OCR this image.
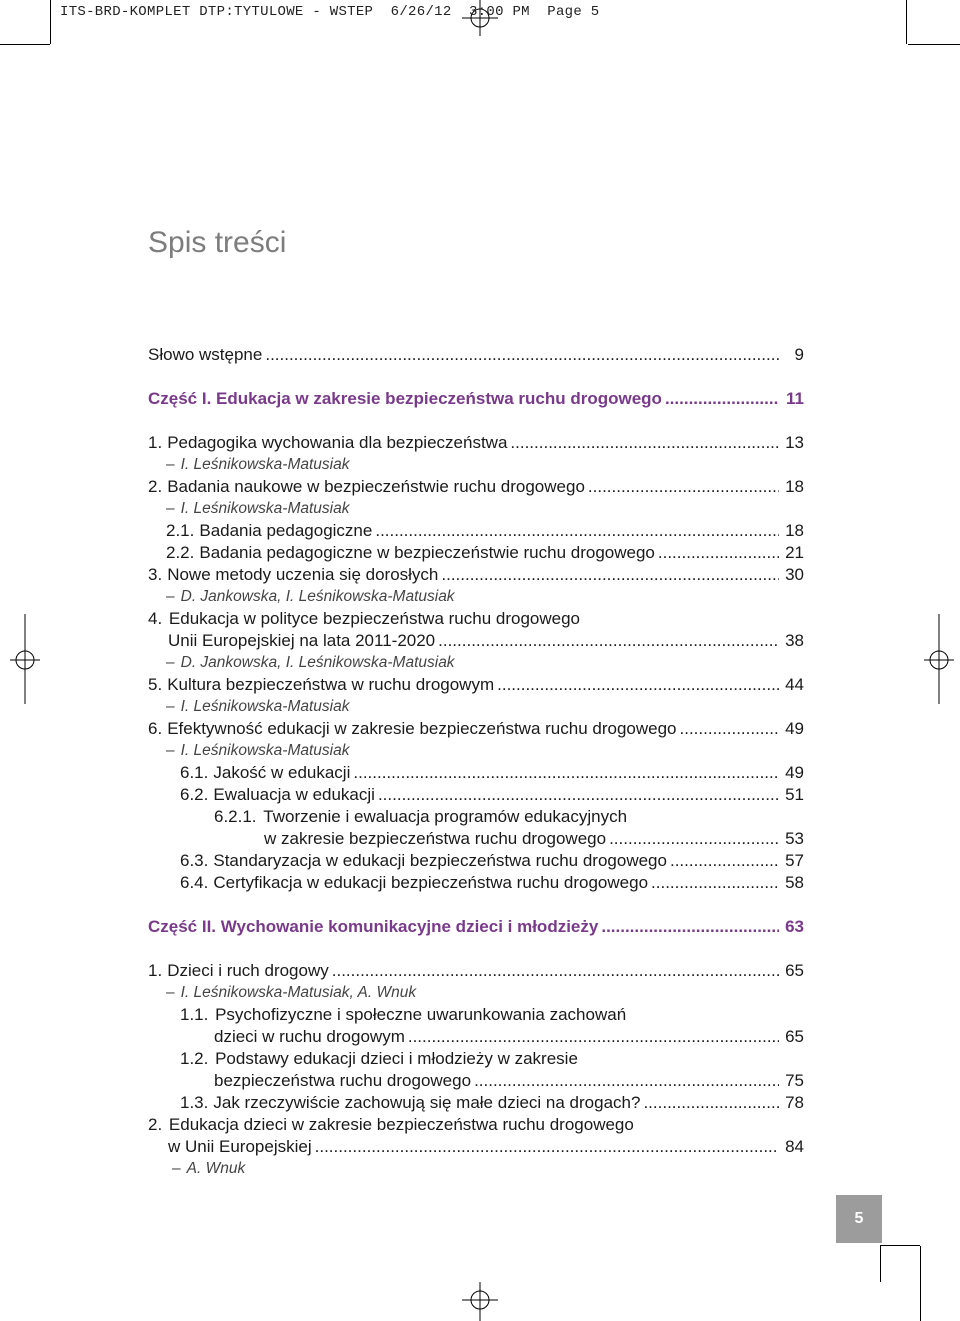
ITS-BRD-KOMPLET DTP:TYTULOWE - WSTEP  6/26/12  3:00 PM  Page 5
Spis treści
Słowo wstępne .....	9
Część I. Edukacja w zakresie bezpieczeństwa ruchu drogowego .....	11
1. Pedagogika wychowania dla bezpieczeństwa .....	13
– I. Leśnikowska-Matusiak
2. Badania naukowe w bezpieczeństwie ruchu drogowego .....	18
– I. Leśnikowska-Matusiak
2.1. Badania pedagogiczne .....	18
2.2. Badania pedagogiczne w bezpieczeństwie ruchu drogowego .....	21
3. Nowe metody uczenia się dorosłych .....	30
– D. Jankowska, I. Leśnikowska-Matusiak
4. Edukacja w polityce bezpieczeństwa ruchu drogowego
Unii Europejskiej na lata 2011-2020 .....	38
– D. Jankowska, I. Leśnikowska-Matusiak
5. Kultura bezpieczeństwa w ruchu drogowym .....	44
– I. Leśnikowska-Matusiak
6. Efektywność edukacji w zakresie bezpieczeństwa ruchu drogowego .....	49
– I. Leśnikowska-Matusiak
6.1. Jakość w edukacji .....	49
6.2. Ewaluacja w edukacji .....	51
6.2.1. Tworzenie i ewaluacja programów edukacyjnych
w zakresie bezpieczeństwa ruchu drogowego .....	53
6.3. Standaryzacja w edukacji bezpieczeństwa ruchu drogowego .....	57
6.4. Certyfikacja w edukacji bezpieczeństwa ruchu drogowego .....	58
Część II. Wychowanie komunikacyjne dzieci i młodzieży .....	63
1. Dzieci i ruch drogowy .....	65
– I. Leśnikowska-Matusiak, A. Wnuk
1.1. Psychofizyczne i społeczne uwarunkowania zachowań
dzieci w ruchu drogowym .....	65
1.2. Podstawy edukacji dzieci i młodzieży w zakresie
bezpieczeństwa ruchu drogowego .....	75
1.3. Jak rzeczywiście zachowują się małe dzieci na drogach? .....	78
2. Edukacja dzieci w zakresie bezpieczeństwa ruchu drogowego
w Unii Europejskiej .....	84
– A. Wnuk
5
